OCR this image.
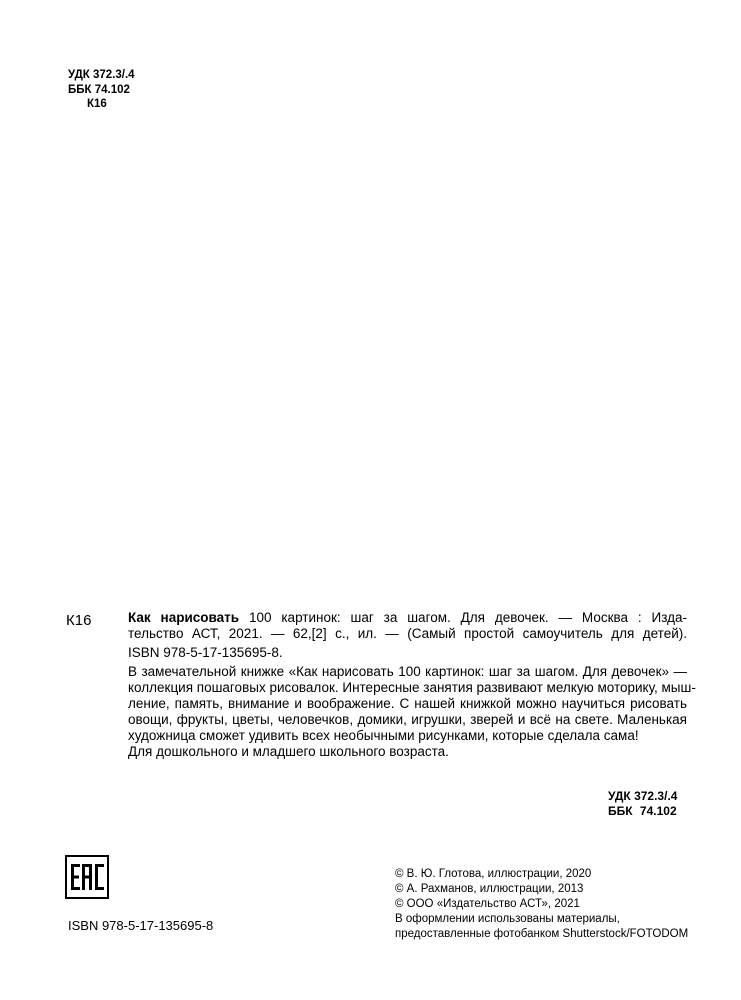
УДК 372.3/.4
ББК 74.102
К16
К16	Как нарисовать 100 картинок: шаг за шагом. Для девочек. — Москва : Изда-
тельство АСТ, 2021. — 62,[2] с., ил. — (Самый простой самоучитель для детей).
ISBN 978-5-17-135695-8.
В замечательной книжке «Как нарисовать 100 картинок: шаг за шагом. Для девочек» —
коллекция пошаговых рисовалок. Интересные занятия развивают мелкую моторику, мыш-
ление, память, внимание и воображение. С нашей книжкой можно научиться рисовать
овощи, фрукты, цветы, человечков, домики, игрушки, зверей и всё на свете. Маленькая
художница сможет удивить всех необычными рисунками, которые сделала сама!
Для дошкольного и младшего школьного возраста.
УДК 372.3/.4
ББК 74.102
ISBN 978-5-17-135695-8
© В. Ю. Глотова, иллюстрации, 2020
© А. Рахманов, иллюстрации, 2013
© ООО «Издательство АСТ», 2021
В оформлении использованы материалы,
предоставленные фотобанком Shutterstock/FOTODOM
